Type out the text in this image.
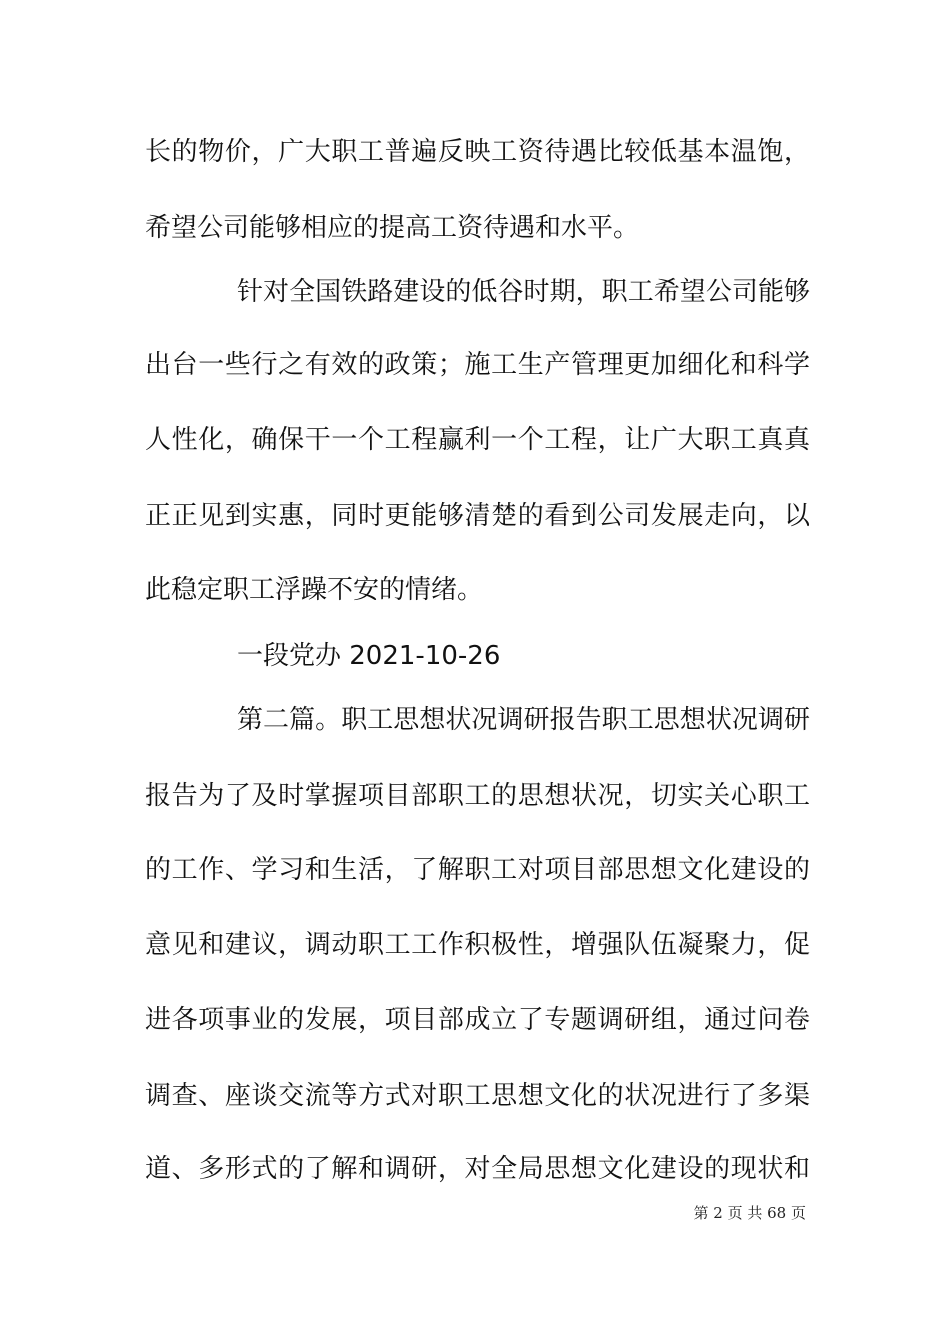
长的物价，广大职工普遍反映工资待遇比较低基本温饱，
希望公司能够相应的提高工资待遇和水平。
针对全国铁路建设的低谷时期，职工希望公司能够
出台一些行之有效的政策；施工生产管理更加细化和科学
人性化，确保干一个工程赢利一个工程，让广大职工真真
正正见到实惠，同时更能够清楚的看到公司发展走向，以
此稳定职工浮躁不安的情绪。
一段党办 2021-10-26
第二篇。职工思想状况调研报告职工思想状况调研
报告为了及时掌握项目部职工的思想状况，切实关心职工
的工作、学习和生活，了解职工对项目部思想文化建设的
意见和建议，调动职工工作积极性，增强队伍凝聚力，促
进各项事业的发展，项目部成立了专题调研组，通过问卷
调查、座谈交流等方式对职工思想文化的状况进行了多渠
道、多形式的了解和调研，对全局思想文化建设的现状和
第 2 页 共 68 页
